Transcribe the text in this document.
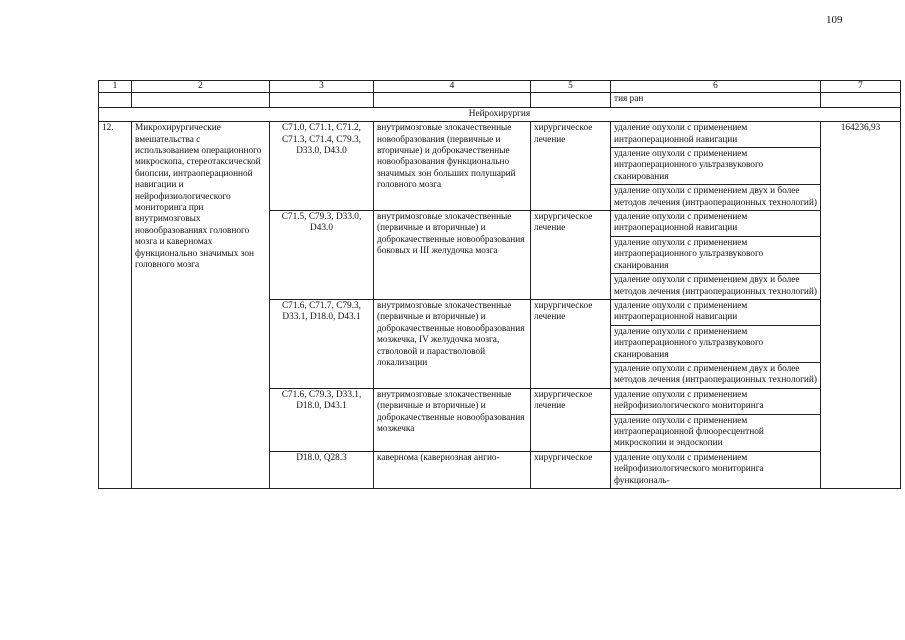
109
1	2	3	4	5	6	7
					тия ран	
Нейрохирургия						
12.	Микрохирургические вмешательства с использованием операционного микроскопа, стереотаксической биопсии, интраоперационной навигации и нейрофизиологического мониторинга при внутримозговых новообразованиях головного мозга и каверномах функционально значимых зон головного мозга	C71.0, C71.1, C71.2, C71.3, C71.4, C79.3, D33.0, D43.0	внутримозговые злокачественные новообразования (первичные и вторичные) и доброкачественные новообразования функционально значимых зон больших полушарий головного мозга	хирургическое лечение	удаление опухоли с применением интраоперационной навигации	164236,93
					удаление опухоли с применением интраоперационного ультразвукового сканирования	
					удаление опухоли с применением двух и более методов лечения (интраоперационных технологий)	
		C71.5, C79.3, D33.0, D43.0	внутримозговые злокачественные (первичные и вторичные) и доброкачественные новообразования боковых и III желудочка мозга	хирургическое лечение	удаление опухоли с применением интраоперационной навигации	
					удаление опухоли с применением интраоперационного ультразвукового сканирования	
					удаление опухоли с применением двух и более методов лечения (интраоперационных технологий)	
		C71.6, C71.7, C79.3, D33.1, D18.0, D43.1	внутримозговые злокачественные (первичные и вторичные) и доброкачественные новообразования мозжечка, IV желудочка мозга, стволовой и парастволовой локализации	хирургическое лечение	удаление опухоли с применением интраоперационной навигации	
					удаление опухоли с применением интраоперационного ультразвукового сканирования	
					удаление опухоли с применением двух и более методов лечения (интраоперационных технологий)	
		C71.6, C79.3, D33.1, D18.0, D43.1	внутримозговые злокачественные (первичные и вторичные) и доброкачественные новообразования мозжечка	хирургическое лечение	удаление опухоли с применением нейрофизиологического мониторинга	
					удаление опухоли с применением интраоперационной флюоресцентной микроскопии и эндоскопии	
		D18.0, Q28.3	кавернома (кавернозная ангио-	хирургическое	удаление опухоли с применением нейрофизиологического мониторинга функциональ-	
